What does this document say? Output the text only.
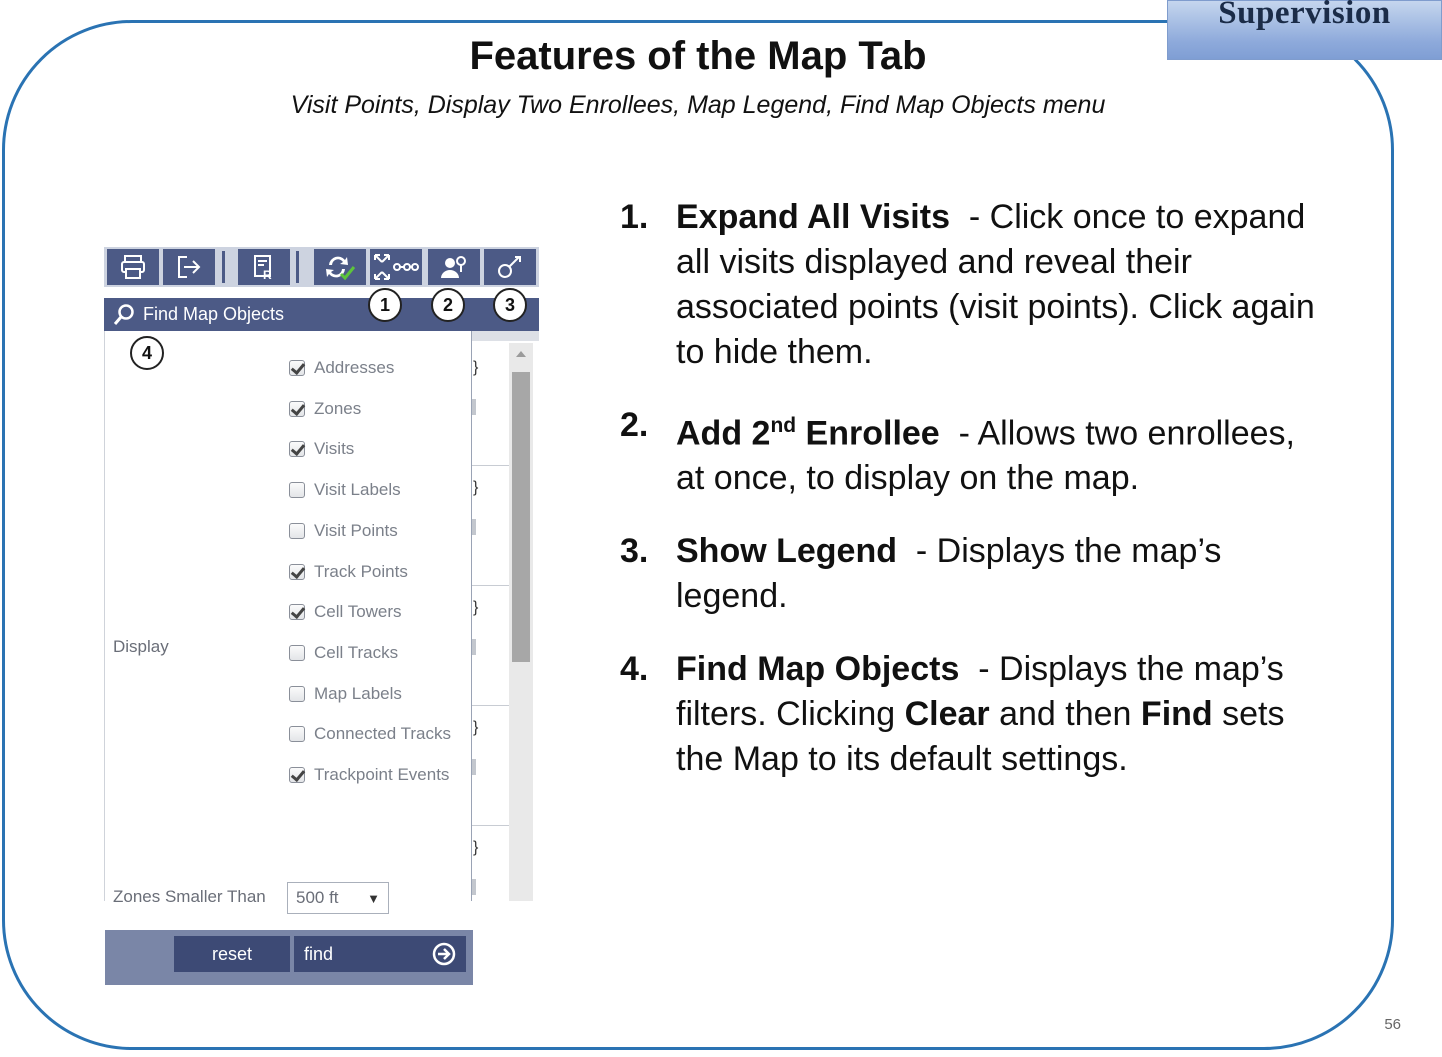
Supervision
Features of the Map Tab
Visit Points, Display Two Enrollees, Map Legend, Find Map Objects menu
R
Find Map Objects
}
}
}
}
}
Display
Addresses
Zones
Visits
Visit Labels
Visit Points
Track Points
Cell Towers
Cell Tracks
Map Labels
Connected Tracks
Trackpoint Events
Zones Smaller Than 500 ft ▼
reset	find
1	2	3
4
1. Expand All Visits  - Click once to expand all visits displayed and reveal their associated points (visit points). Click again to hide them.
2. Add 2nd Enrollee  - Allows two enrollees, at once, to display on the map.
3. Show Legend  - Displays the map’s legend.
4. Find Map Objects  - Displays the map’s filters. Clicking Clear and then Find sets the Map to its default settings.
56
